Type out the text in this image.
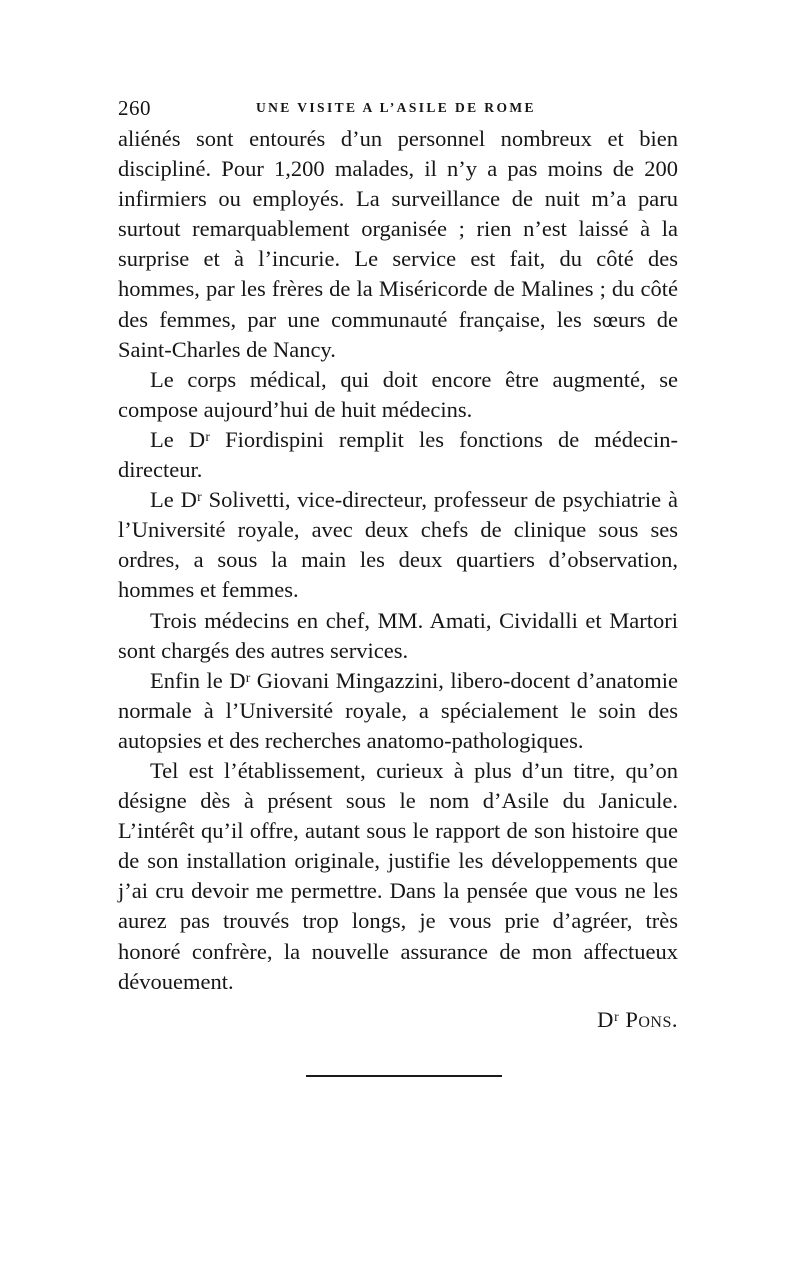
260	UNE VISITE A L’ASILE DE ROME

aliénés sont entourés d’un personnel nombreux et bien discipliné. Pour 1,200 malades, il n’y a pas moins de 200 infirmiers ou employés. La surveillance de nuit m’a paru surtout remarquablement organisée ; rien n’est laissé à la surprise et à l’incurie. Le service est fait, du côté des hommes, par les frères de la Miséricorde de Malines ; du côté des femmes, par une communauté française, les sœurs de Saint-Charles de Nancy.

Le corps médical, qui doit encore être augmenté, se compose aujourd’hui de huit médecins.

Le Dʳ Fiordispini remplit les fonctions de médecin-directeur.

Le Dʳ Solivetti, vice-directeur, professeur de psychiatrie à l’Université royale, avec deux chefs de clinique sous ses ordres, a sous la main les deux quartiers d’observation, hommes et femmes.

Trois médecins en chef, MM. Amati, Cividalli et Martori sont chargés des autres services.

Enfin le Dʳ Giovani Mingazzini, libero-docent d’anatomie normale à l’Université royale, a spécialement le soin des autopsies et des recherches anatomo-pathologiques.

Tel est l’établissement, curieux à plus d’un titre, qu’on désigne dès à présent sous le nom d’Asile du Janicule. L’intérêt qu’il offre, autant sous le rapport de son histoire que de son installation originale, justifie les développements que j’ai cru devoir me permettre. Dans la pensée que vous ne les aurez pas trouvés trop longs, je vous prie d’agréer, très honoré confrère, la nouvelle assurance de mon affectueux dévouement.

Dʳ Pons.
